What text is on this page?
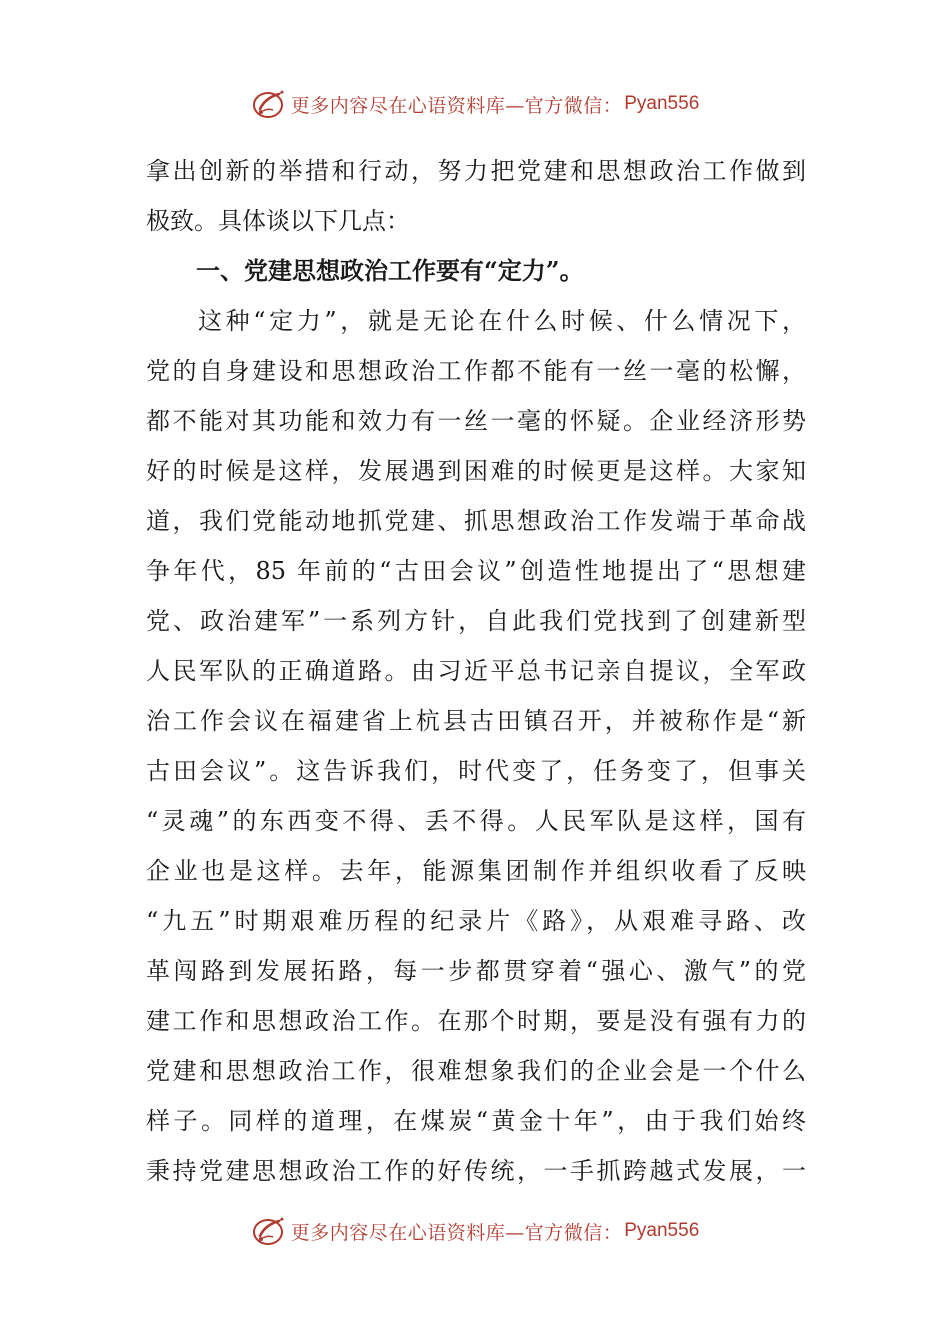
更多内容尽在心语资料库—官方微信： Pyan556
拿出创新的举措和行动，努力把党建和思想政治工作做到
极致。具体谈以下几点：
一、党建思想政治工作要有“定力”。
这种“定力”，就是无论在什么时候、什么情况下，
党的自身建设和思想政治工作都不能有一丝一毫的松懈，
都不能对其功能和效力有一丝一毫的怀疑。企业经济形势
好的时候是这样，发展遇到困难的时候更是这样。大家知
道，我们党能动地抓党建、抓思想政治工作发端于革命战
争年代，85 年前的“古田会议”创造性地提出了“思想建
党、政治建军”一系列方针，自此我们党找到了创建新型
人民军队的正确道路。由习近平总书记亲自提议，全军政
治工作会议在福建省上杭县古田镇召开，并被称作是“新
古田会议”。这告诉我们，时代变了，任务变了，但事关
“灵魂”的东西变不得、丢不得。人民军队是这样，国有
企业也是这样。去年，能源集团制作并组织收看了反映
“九五”时期艰难历程的纪录片《路》，从艰难寻路、改
革闯路到发展拓路，每一步都贯穿着“强心、激气”的党
建工作和思想政治工作。在那个时期，要是没有强有力的
党建和思想政治工作，很难想象我们的企业会是一个什么
样子。同样的道理，在煤炭“黄金十年”，由于我们始终
秉持党建思想政治工作的好传统，一手抓跨越式发展，一
更多内容尽在心语资料库—官方微信： Pyan556
